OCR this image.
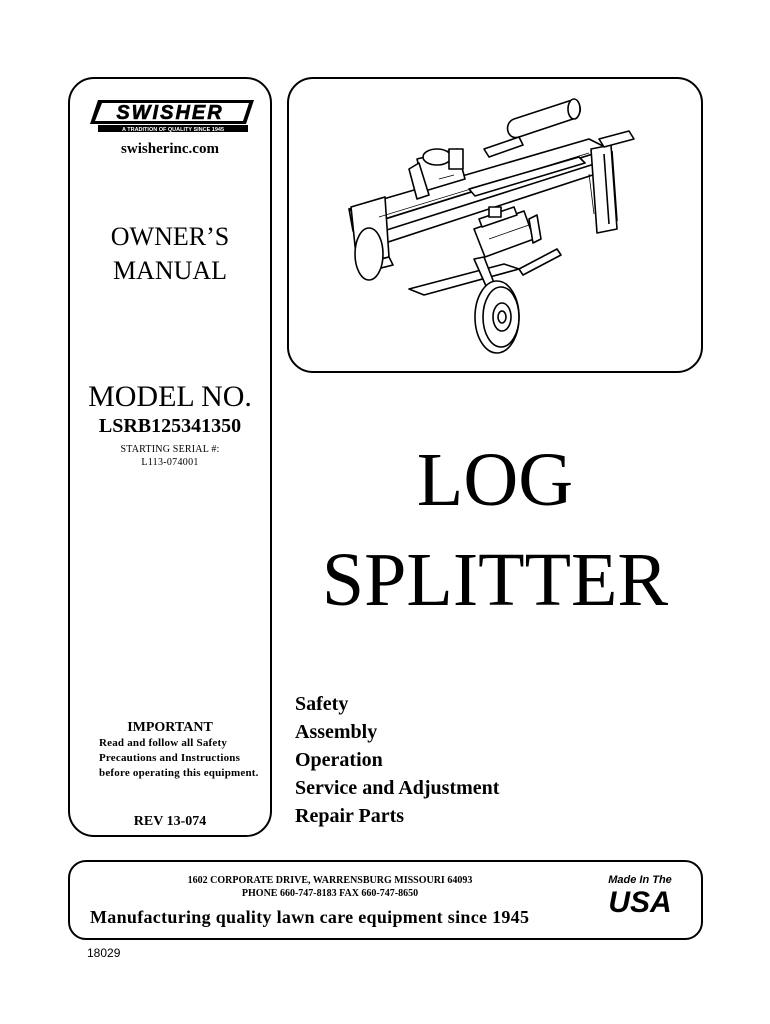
SWISHER
A TRADITION OF QUALITY SINCE 1945
swisherinc.com
OWNER’S
MANUAL
MODEL NO.
LSRB125341350
STARTING SERIAL #:
L113-074001
IMPORTANT
Read and follow all Safety Precautions and Instructions before operating this equipment.
REV 13-074
LOG
SPLITTER
Safety
Assembly
Operation
Service and Adjustment
Repair Parts
1602 CORPORATE DRIVE, WARRENSBURG MISSOURI 64093
PHONE 660-747-8183 FAX 660-747-8650
Manufacturing quality lawn care equipment since 1945
Made In The
USA
18029
